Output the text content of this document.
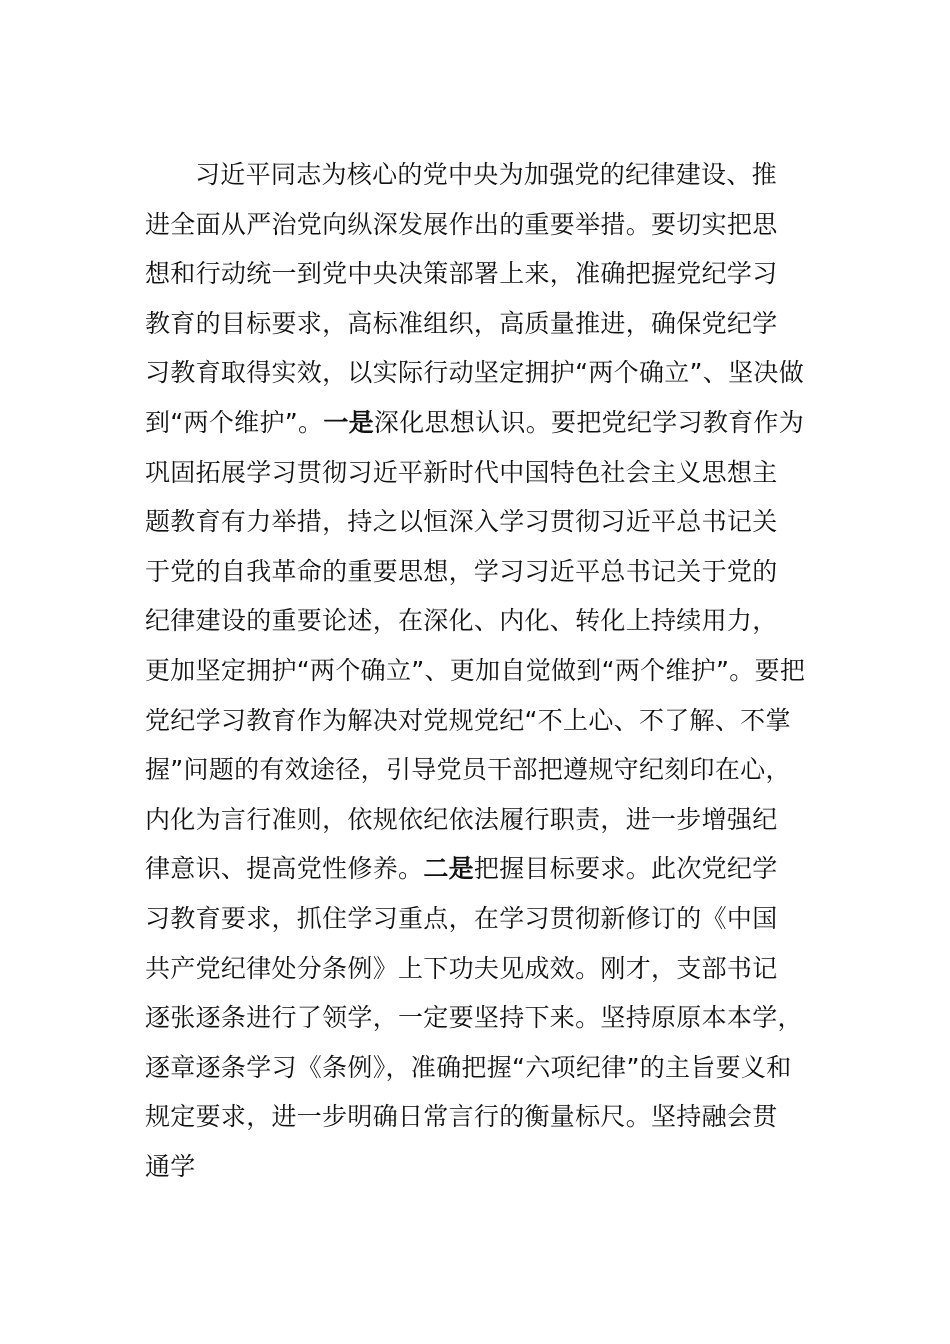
习近平同志为核心的党中央为加强党的纪律建设、推
进全面从严治党向纵深发展作出的重要举措。要切实把思
想和行动统一到党中央决策部署上来，准确把握党纪学习
教育的目标要求，高标准组织，高质量推进，确保党纪学
习教育取得实效，以实际行动坚定拥护“两个确立”、坚决做
到“两个维护”。一是深化思想认识。要把党纪学习教育作为
巩固拓展学习贯彻习近平新时代中国特色社会主义思想主
题教育有力举措，持之以恒深入学习贯彻习近平总书记关
于党的自我革命的重要思想，学习习近平总书记关于党的
纪律建设的重要论述，在深化、内化、转化上持续用力，
更加坚定拥护“两个确立”、更加自觉做到“两个维护”。要把
党纪学习教育作为解决对党规党纪“不上心、不了解、不掌
握”问题的有效途径，引导党员干部把遵规守纪刻印在心，
内化为言行准则，依规依纪依法履行职责，进一步增强纪
律意识、提高党性修养。二是把握目标要求。此次党纪学
习教育要求，抓住学习重点，在学习贯彻新修订的《中国
共产党纪律处分条例》上下功夫见成效。刚才，支部书记
逐张逐条进行了领学，一定要坚持下来。坚持原原本本学，
逐章逐条学习《条例》，准确把握“六项纪律”的主旨要义和
规定要求，进一步明确日常言行的衡量标尺。坚持融会贯
通学
